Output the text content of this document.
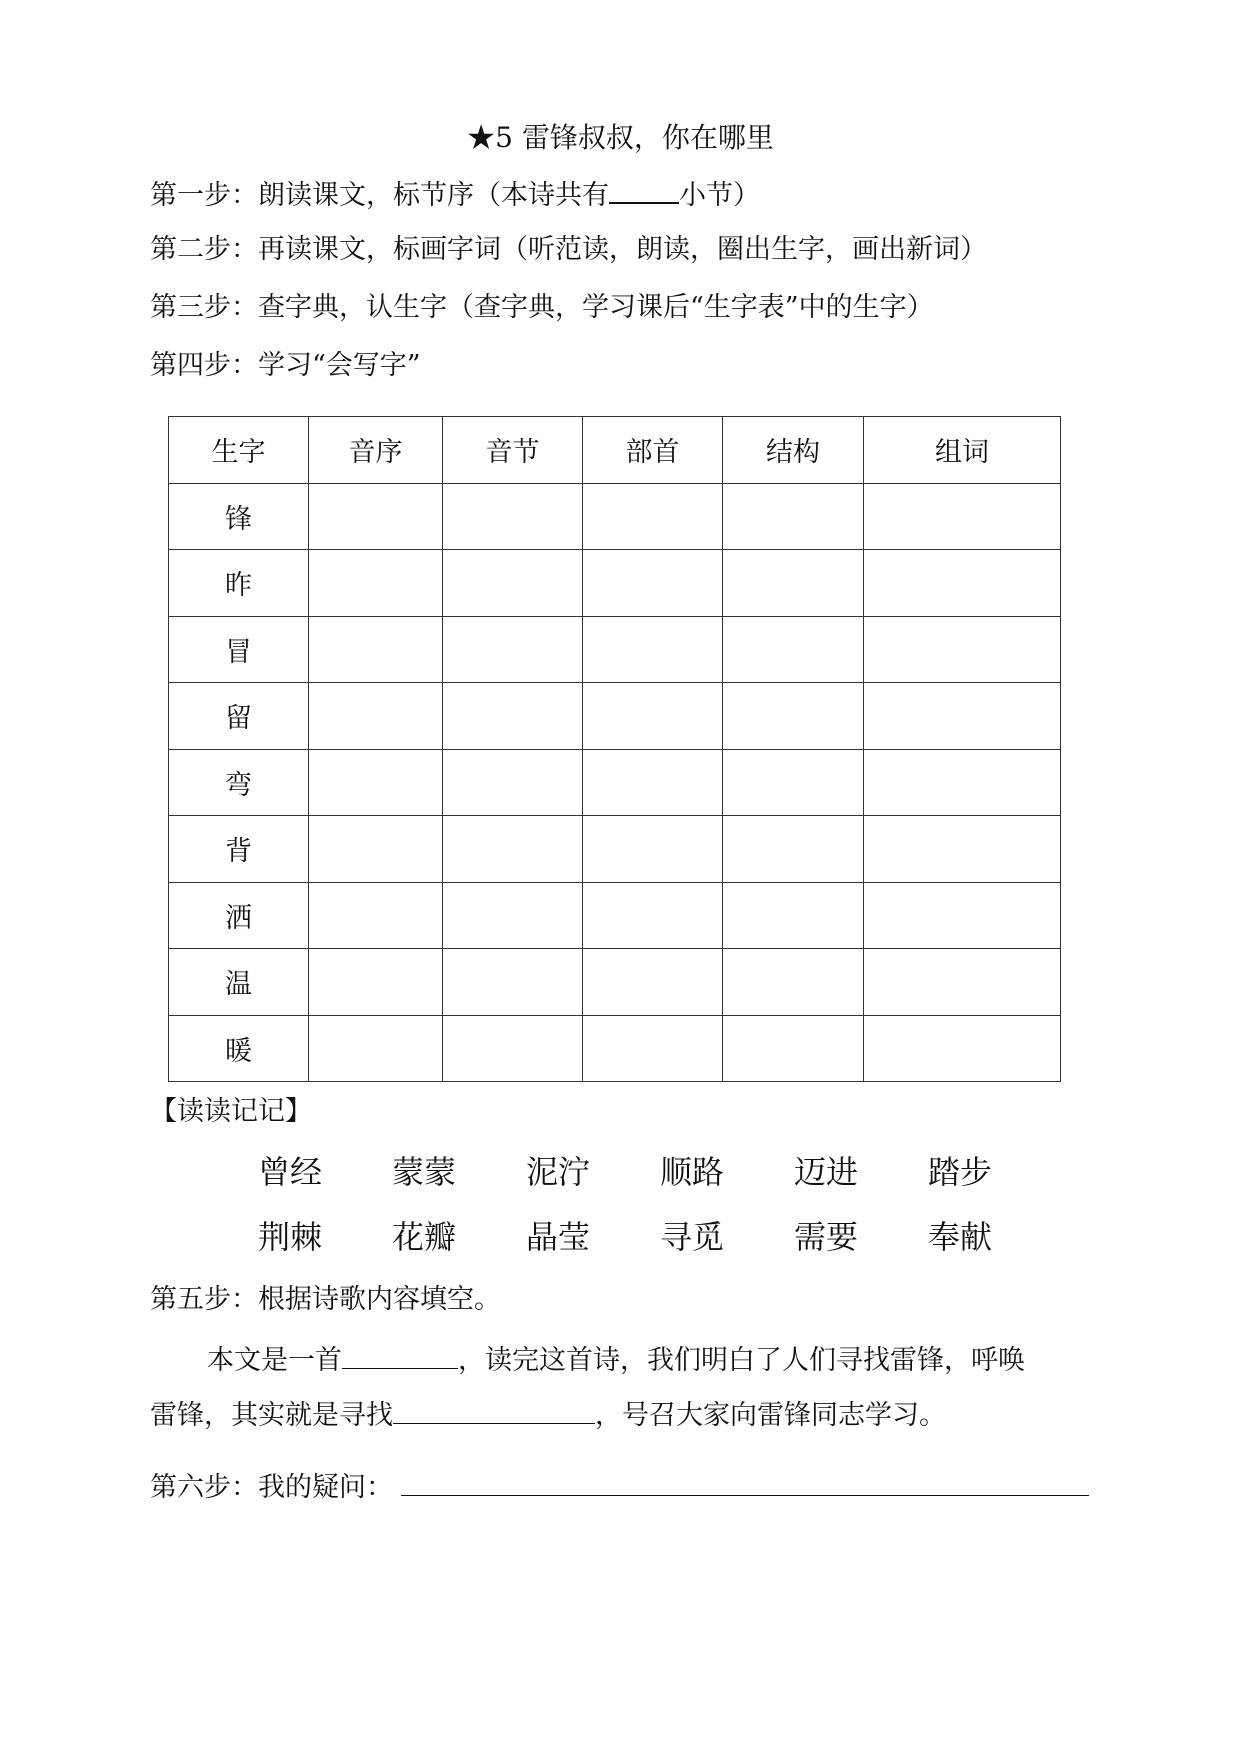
★5 雷锋叔叔，你在哪里
第一步：朗读课文，标节序（本诗共有	小节）
第二步：再读课文，标画字词（听范读，朗读，圈出生字，画出新词）
第三步：查字典，认生字（查字典，学习课后“生字表”中的生字）
第四步：学习“会写字”
生字	音序	音节	部首	结构	组词
锋					
昨					
冒					
留					
弯					
背					
洒					
温					
暖					
【读读记记】
曾经	蒙蒙	泥泞	顺路	迈进	踏步
荆棘	花瓣	晶莹	寻觅	需要	奉献
第五步：根据诗歌内容填空。
本文是一首	，读完这首诗，我们明白了人们寻找雷锋，呼唤
雷锋，其实就是寻找	，号召大家向雷锋同志学习。
第六步：我的疑问：
